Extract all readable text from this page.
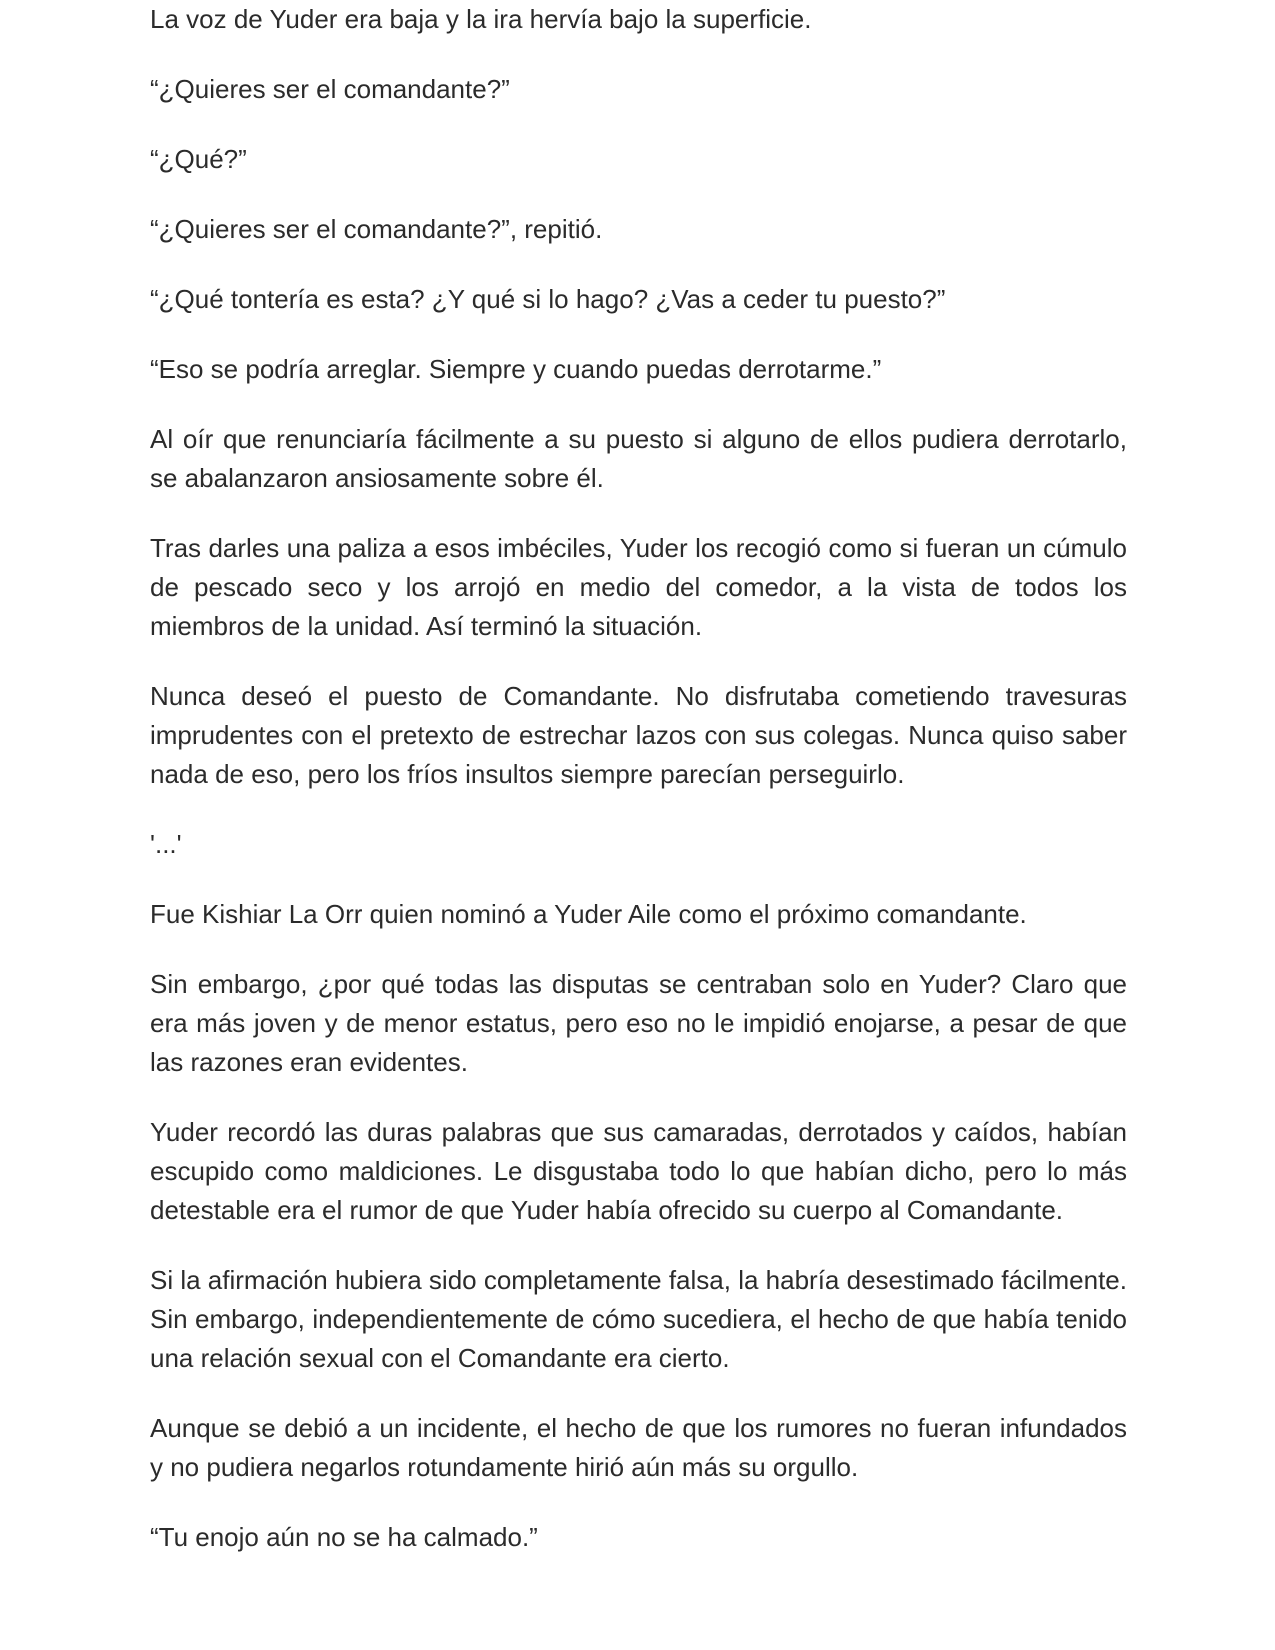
La voz de Yuder era baja y la ira hervía bajo la superficie.

“¿Quieres ser el comandante?”

“¿Qué?”

“¿Quieres ser el comandante?”, repitió.

“¿Qué tontería es esta? ¿Y qué si lo hago? ¿Vas a ceder tu puesto?”

“Eso se podría arreglar. Siempre y cuando puedas derrotarme.”

Al oír que renunciaría fácilmente a su puesto si alguno de ellos pudiera derrotarlo, se abalanzaron ansiosamente sobre él.

Tras darles una paliza a esos imbéciles, Yuder los recogió como si fueran un cúmulo de pescado seco y los arrojó en medio del comedor, a la vista de todos los miembros de la unidad. Así terminó la situación.

Nunca deseó el puesto de Comandante. No disfrutaba cometiendo travesuras imprudentes con el pretexto de estrechar lazos con sus colegas. Nunca quiso saber nada de eso, pero los fríos insultos siempre parecían perseguirlo.

'...'

Fue Kishiar La Orr quien nominó a Yuder Aile como el próximo comandante.

Sin embargo, ¿por qué todas las disputas se centraban solo en Yuder? Claro que era más joven y de menor estatus, pero eso no le impidió enojarse, a pesar de que las razones eran evidentes.

Yuder recordó las duras palabras que sus camaradas, derrotados y caídos, habían escupido como maldiciones. Le disgustaba todo lo que habían dicho, pero lo más detestable era el rumor de que Yuder había ofrecido su cuerpo al Comandante.

Si la afirmación hubiera sido completamente falsa, la habría desestimado fácilmente. Sin embargo, independientemente de cómo sucediera, el hecho de que había tenido una relación sexual con el Comandante era cierto.

Aunque se debió a un incidente, el hecho de que los rumores no fueran infundados y no pudiera negarlos rotundamente hirió aún más su orgullo.

“Tu enojo aún no se ha calmado.”
